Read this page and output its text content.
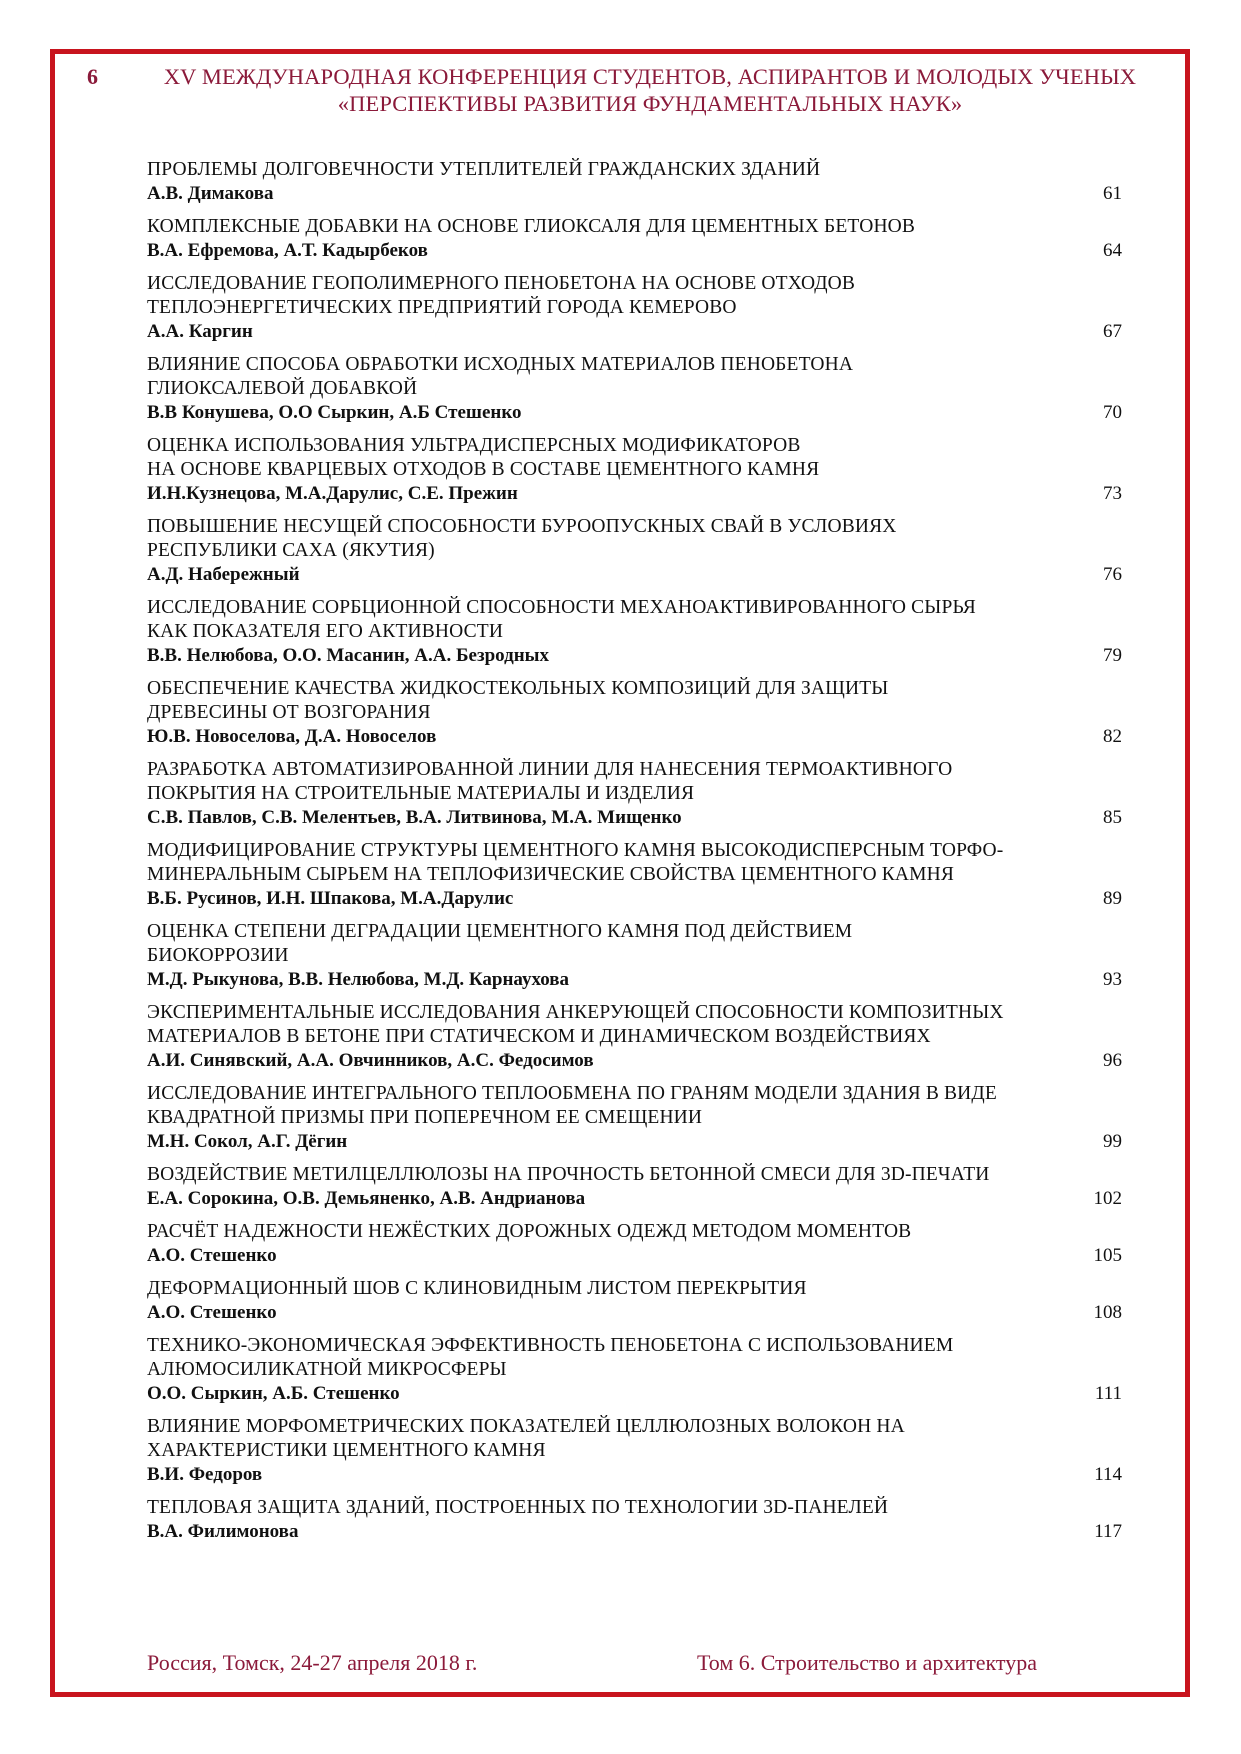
6	XV МЕЖДУНАРОДНАЯ КОНФЕРЕНЦИЯ СТУДЕНТОВ, АСПИРАНТОВ И МОЛОДЫХ УЧЕНЫХ
«ПЕРСПЕКТИВЫ РАЗВИТИЯ ФУНДАМЕНТАЛЬНЫХ НАУК»
ПРОБЛЕМЫ ДОЛГОВЕЧНОСТИ УТЕПЛИТЕЛЕЙ ГРАЖДАНСКИХ ЗДАНИЙ
А.В. Димакова	61
КОМПЛЕКСНЫЕ ДОБАВКИ НА ОСНОВЕ ГЛИОКСАЛЯ ДЛЯ ЦЕМЕНТНЫХ БЕТОНОВ
В.А. Ефремова, А.Т. Кадырбеков	64
ИССЛЕДОВАНИЕ ГЕОПОЛИМЕРНОГО ПЕНОБЕТОНА НА ОСНОВЕ ОТХОДОВ
ТЕПЛОЭНЕРГЕТИЧЕСКИХ ПРЕДПРИЯТИЙ ГОРОДА КЕМЕРОВО
А.А. Каргин	67
ВЛИЯНИЕ СПОСОБА ОБРАБОТКИ ИСХОДНЫХ МАТЕРИАЛОВ ПЕНОБЕТОНА
ГЛИОКСАЛЕВОЙ ДОБАВКОЙ
В.В Конушева, О.О Сыркин, А.Б Стешенко	70
ОЦЕНКА ИСПОЛЬЗОВАНИЯ УЛЬТРАДИСПЕРСНЫХ МОДИФИКАТОРОВ
НА ОСНОВЕ КВАРЦЕВЫХ ОТХОДОВ В СОСТАВЕ ЦЕМЕНТНОГО КАМНЯ
И.Н.Кузнецова, М.А.Дарулис, С.Е. Прежин	73
ПОВЫШЕНИЕ НЕСУЩЕЙ СПОСОБНОСТИ БУРООПУСКНЫХ СВАЙ В УСЛОВИЯХ
РЕСПУБЛИКИ САХА (ЯКУТИЯ)
А.Д. Набережный	76
ИССЛЕДОВАНИЕ СОРБЦИОННОЙ СПОСОБНОСТИ МЕХАНОАКТИВИРОВАННОГО СЫРЬЯ
КАК ПОКАЗАТЕЛЯ ЕГО АКТИВНОСТИ
В.В. Нелюбова, О.О. Масанин, А.А. Безродных	79
ОБЕСПЕЧЕНИЕ КАЧЕСТВА ЖИДКОСТЕКОЛЬНЫХ КОМПОЗИЦИЙ ДЛЯ ЗАЩИТЫ
ДРЕВЕСИНЫ ОТ ВОЗГОРАНИЯ
Ю.В. Новоселова, Д.А. Новоселов	82
РАЗРАБОТКА АВТОМАТИЗИРОВАННОЙ ЛИНИИ ДЛЯ НАНЕСЕНИЯ ТЕРМОАКТИВНОГО
ПОКРЫТИЯ НА СТРОИТЕЛЬНЫЕ МАТЕРИАЛЫ И ИЗДЕЛИЯ
С.В. Павлов, С.В. Мелентьев, В.А. Литвинова, М.А. Мищенко	85
МОДИФИЦИРОВАНИЕ СТРУКТУРЫ ЦЕМЕНТНОГО КАМНЯ ВЫСОКОДИСПЕРСНЫМ ТОРФО-
МИНЕРАЛЬНЫМ СЫРЬЕМ НА ТЕПЛОФИЗИЧЕСКИЕ СВОЙСТВА ЦЕМЕНТНОГО КАМНЯ
В.Б. Русинов, И.Н. Шпакова, М.А.Дарулис	89
ОЦЕНКА СТЕПЕНИ ДЕГРАДАЦИИ ЦЕМЕНТНОГО КАМНЯ ПОД ДЕЙСТВИЕМ
БИОКОРРОЗИИ
М.Д. Рыкунова, В.В. Нелюбова, М.Д. Карнаухова	93
ЭКСПЕРИМЕНТАЛЬНЫЕ ИССЛЕДОВАНИЯ АНКЕРУЮЩЕЙ СПОСОБНОСТИ КОМПОЗИТНЫХ
МАТЕРИАЛОВ В БЕТОНЕ ПРИ СТАТИЧЕСКОМ И ДИНАМИЧЕСКОМ ВОЗДЕЙСТВИЯХ
А.И. Синявский, А.А. Овчинников, А.С. Федосимов	96
ИССЛЕДОВАНИЕ ИНТЕГРАЛЬНОГО ТЕПЛООБМЕНА ПО ГРАНЯМ МОДЕЛИ ЗДАНИЯ В ВИДЕ
КВАДРАТНОЙ ПРИЗМЫ ПРИ ПОПЕРЕЧНОМ ЕЕ СМЕЩЕНИИ
М.Н. Сокол, А.Г. Дёгин	99
ВОЗДЕЙСТВИЕ МЕТИЛЦЕЛЛЮЛОЗЫ НА ПРОЧНОСТЬ БЕТОННОЙ СМЕСИ ДЛЯ 3D-ПЕЧАТИ
Е.А. Сорокина, О.В. Демьяненко, А.В. Андрианова	102
РАСЧЁТ НАДЕЖНОСТИ НЕЖЁСТКИХ ДОРОЖНЫХ ОДЕЖД МЕТОДОМ МОМЕНТОВ
А.О. Стешенко	105
ДЕФОРМАЦИОННЫЙ ШОВ С КЛИНОВИДНЫМ ЛИСТОМ ПЕРЕКРЫТИЯ
А.О. Стешенко	108
ТЕХНИКО-ЭКОНОМИЧЕСКАЯ ЭФФЕКТИВНОСТЬ ПЕНОБЕТОНА С ИСПОЛЬЗОВАНИЕМ
АЛЮМОСИЛИКАТНОЙ МИКРОСФЕРЫ
О.О. Сыркин, А.Б. Стешенко	111
ВЛИЯНИЕ МОРФОМЕТРИЧЕСКИХ ПОКАЗАТЕЛЕЙ ЦЕЛЛЮЛОЗНЫХ ВОЛОКОН НА
ХАРАКТЕРИСТИКИ ЦЕМЕНТНОГО КАМНЯ
В.И. Федоров	114
ТЕПЛОВАЯ ЗАЩИТА ЗДАНИЙ, ПОСТРОЕННЫХ ПО ТЕХНОЛОГИИ 3D-ПАНЕЛЕЙ
В.А. Филимонова	117
Россия, Томск, 24-27 апреля 2018 г.	Том 6. Строительство и архитектура
